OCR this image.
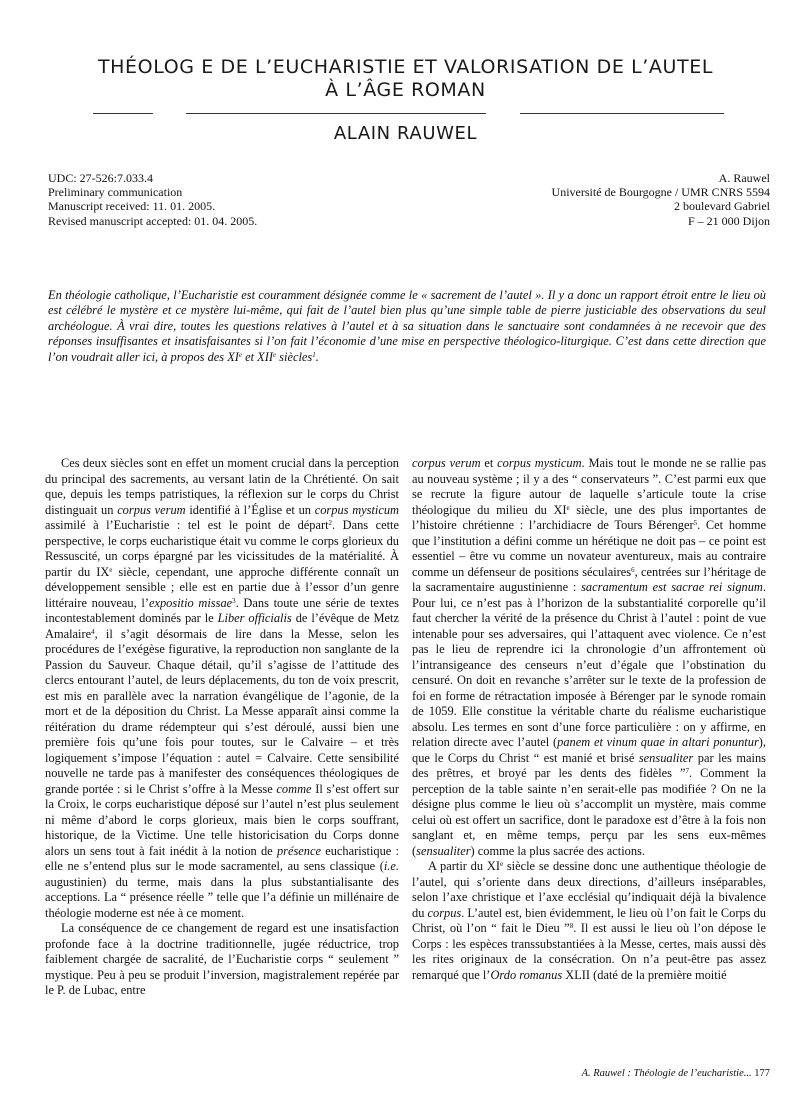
THÉOLOG E DE L’EUCHARISTIE ET VALORISATION DE L’AUTEL
À L’ÂGE ROMAN
ALAIN RAUWEL
UDC: 27-526:7.033.4
Preliminary communication
Manuscript received: 11. 01. 2005.
Revised manuscript accepted: 01. 04. 2005.
A. Rauwel
Université de Bourgogne / UMR CNRS 5594
2 boulevard Gabriel
F – 21 000 Dijon
En théologie catholique, l’Eucharistie est couramment désignée comme le « sacrement de l’autel ». Il y a donc un rapport étroit entre le lieu où est célébré le mystère et ce mystère lui-même, qui fait de l’autel bien plus qu’une simple table de pierre justiciable des observations du seul archéologue. À vrai dire, toutes les questions relatives à l’autel et à sa situation dans le sanctuaire sont condamnées à ne recevoir que des réponses insuffisantes et insatisfaisantes si l’on fait l’économie d’une mise en perspective théologico-liturgique. C’est dans cette direction que l’on voudrait aller ici, à propos des XIe et XIIe siècles$^1$.

Ces deux siècles sont en effet un moment crucial dans la perception du principal des sacrements, au versant latin de la Chrétienté. On sait que, depuis les temps patristiques, la réflexion sur le corps du Christ distinguait un corpus verum identifié à l’Église et un corpus mysticum assimilé à l’Eucharistie : tel est le point de départ$^2$. Dans cette perspective, le corps eucharistique était vu comme le corps glorieux du Ressuscité, un corps épargné par les vicissitudes de la matérialité. À partir du IXe siècle, cependant, une approche différente connaît un développement sensible ; elle est en partie due à l’essor d’un genre littéraire nouveau, l’expositio missae$^3$. Dans toute une série de textes incontestablement dominés par le Liber officialis de l’évêque de Metz Amalaire$^4$, il s’agit désormais de lire dans la Messe, selon les procédures de l’exégèse figurative, la reproduction non sanglante de la Passion du Sauveur. Chaque détail, qu’il s’agisse de l’attitude des clercs entourant l’autel, de leurs déplacements, du ton de voix prescrit, est mis en parallèle avec la narration évangélique de l’agonie, de la mort et de la déposition du Christ. La Messe apparaît ainsi comme la réitération du drame rédempteur qui s’est déroulé, aussi bien une première fois qu’une fois pour toutes, sur le Calvaire – et très logiquement s’impose l’équation : autel = Calvaire. Cette sensibilité nouvelle ne tarde pas à manifester des conséquences théologiques de grande portée : si le Christ s’offre à la Messe comme Il s’est offert sur la Croix, le corps eucharistique déposé sur l’autel n’est plus seulement ni même d’abord le corps glorieux, mais bien le corps souffrant, historique, de la Victime. Une telle historicisation du Corps donne alors un sens tout à fait inédit à la notion de présence eucharistique : elle ne s’entend plus sur le mode sacramentel, au sens classique (i.e. augustinien) du terme, mais dans la plus substantialisante des acceptions. La “ présence réelle ” telle que l’a définie un millénaire de théologie moderne est née à ce moment.

La conséquence de ce changement de regard est une insatisfaction profonde face à la doctrine traditionnelle, jugée réductrice, trop faiblement chargée de sacralité, de l’Eucharistie corps “ seulement ” mystique. Peu à peu se produit l’inversion, magistralement repérée par le P. de Lubac, entre

corpus verum et corpus mysticum. Mais tout le monde ne se rallie pas au nouveau système ; il y a des “ conservateurs ”. C’est parmi eux que se recrute la figure autour de laquelle s’articule toute la crise théologique du milieu du XIe siècle, une des plus importantes de l’histoire chrétienne : l’archidiacre de Tours Bérenger$^5$. Cet homme que l’institution a défini comme un hérétique ne doit pas – ce point est essentiel – être vu comme un novateur aventureux, mais au contraire comme un défenseur de positions séculaires$^6$, centrées sur l’héritage de la sacramentaire augustinienne : sacramentum est sacrae rei signum. Pour lui, ce n’est pas à l’horizon de la substantialité corporelle qu’il faut chercher la vérité de la présence du Christ à l’autel : point de vue intenable pour ses adversaires, qui l’attaquent avec violence. Ce n’est pas le lieu de reprendre ici la chronologie d’un affrontement où l’intransigeance des censeurs n’eut d’égale que l’obstination du censuré. On doit en revanche s’arrêter sur le texte de la profession de foi en forme de rétractation imposée à Bérenger par le synode romain de 1059. Elle constitue la véritable charte du réalisme eucharistique absolu. Les termes en sont d’une force particulière : on y affirme, en relation directe avec l’autel (panem et vinum quae in altari ponuntur), que le Corps du Christ “ est manié et brisé sensualiter par les mains des prêtres, et broyé par les dents des fidèles ”$^7$. Comment la perception de la table sainte n’en serait-elle pas modifiée ? On ne la désigne plus comme le lieu où s’accomplit un mystère, mais comme celui où est offert un sacrifice, dont le paradoxe est d’être à la fois non sanglant et, en même temps, perçu par les sens eux-mêmes (sensualiter) comme la plus sacrée des actions.

A partir du XIe siècle se dessine donc une authentique théologie de l’autel, qui s’oriente dans deux directions, d’ailleurs inséparables, selon l’axe christique et l’axe ecclésial qu’indiquait déjà la bivalence du corpus. L’autel est, bien évidemment, le lieu où l’on fait le Corps du Christ, où l’on “ fait le Dieu ”$^8$. Il est aussi le lieu où l’on dépose le Corps : les espèces transsubstantiées à la Messe, certes, mais aussi dès les rites originaux de la consécration. On n’a peut-être pas assez remarqué que l’Ordo romanus XLII (daté de la première moitié

A. Rauwel : Théologie de l’eucharistie... 177
